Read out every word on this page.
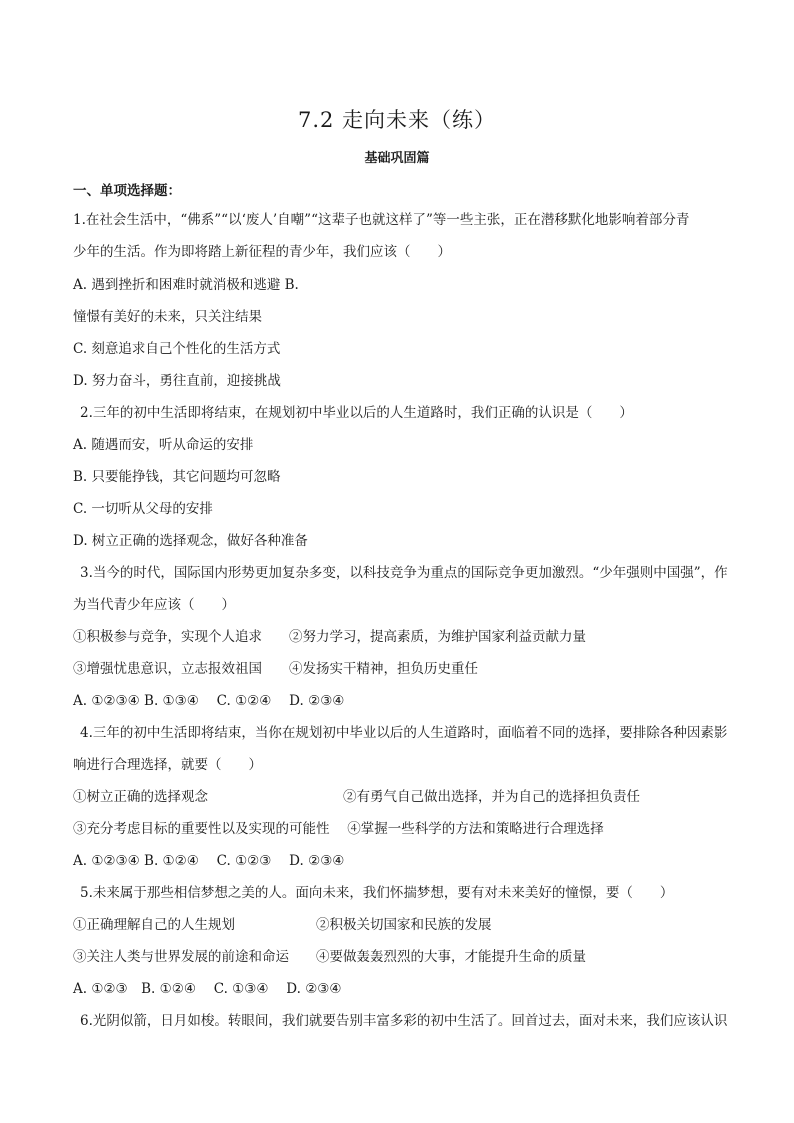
7.2 走向未来（练）
基础巩固篇
一、单项选择题：
1.在社会生活中，“佛系”“以‘废人’自嘲”“这辈子也就这样了”等一些主张，正在潜移默化地影响着部分青
少年的生活。作为即将踏上新征程的青少年，我们应该（　　）
A. 遇到挫折和困难时就消极和逃避 B.
憧憬有美好的未来，只关注结果
C. 刻意追求自己个性化的生活方式
D. 努力奋斗，勇往直前，迎接挑战
2.三年的初中生活即将结束，在规划初中毕业以后的人生道路时，我们正确的认识是（　　）
A. 随遇而安，听从命运的安排
B. 只要能挣钱，其它问题均可忽略
C. 一切听从父母的安排
D. 树立正确的选择观念，做好各种准备
3.当今的时代，国际国内形势更加复杂多变，以科技竞争为重点的国际竞争更加激烈。“少年强则中国强”，作
为当代青少年应该（　　）
①积极参与竞争，实现个人追求　　②努力学习，提高素质，为维护国家利益贡献力量
③增强忧患意识，立志报效祖国　　④发扬实干精神，担负历史重任
A. ①②③④ B. ①③④　 C. ①②④　 D. ②③④
4.三年的初中生活即将结束，当你在规划初中毕业以后的人生道路时，面临着不同的选择，要排除各种因素影
响进行合理选择，就要（　　）
①树立正确的选择观念　　　　　　　　　　②有勇气自己做出选择，并为自己的选择担负责任
③充分考虑目标的重要性以及实现的可能性　 ④掌握一些科学的方法和策略进行合理选择
A. ①②③④ B. ①②④　 C. ①②③　 D. ②③④
5.未来属于那些相信梦想之美的人。面向未来，我们怀揣梦想，要有对未来美好的憧憬，要（　　）
①正确理解自己的人生规划　　　　　　②积极关切国家和民族的发展
③关注人类与世界发展的前途和命运　　④要做轰轰烈烈的大事，才能提升生命的质量
A. ①②③　B. ①②④　 C. ①③④　 D. ②③④
6.光阴似箭，日月如梭。转眼间，我们就要告别丰富多彩的初中生活了。回首过去，面对未来，我们应该认识
